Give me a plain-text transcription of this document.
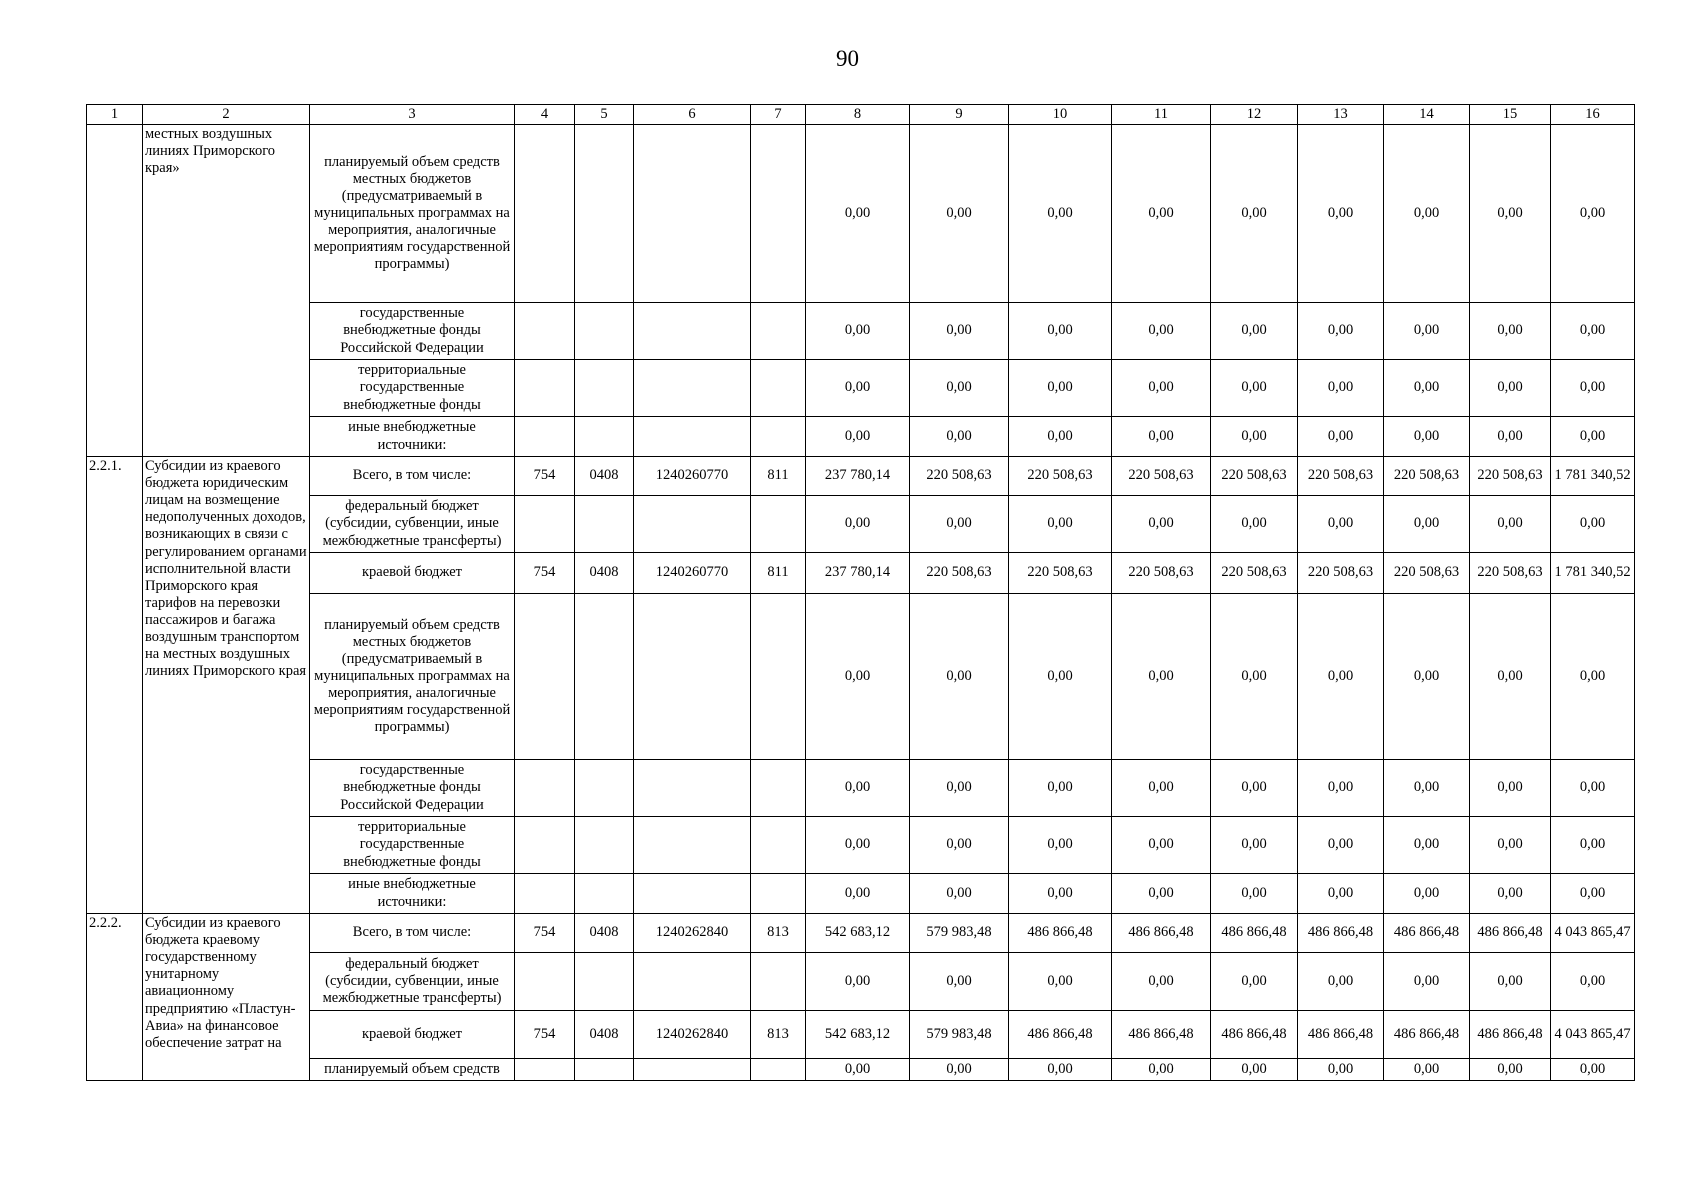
90
1	2	3	4	5	6	7	8	9	10	11	12	13	14	15	16
	местных воздушных линиях Приморского края»	планируемый объем средств местных бюджетов (предусматриваемый в муниципальных программах на мероприятия, аналогичные мероприятиям государственной программы)					0,00	0,00	0,00	0,00	0,00	0,00	0,00	0,00	0,00
		государственные внебюджетные фонды Российской Федерации					0,00	0,00	0,00	0,00	0,00	0,00	0,00	0,00	0,00
		территориальные государственные внебюджетные фонды					0,00	0,00	0,00	0,00	0,00	0,00	0,00	0,00	0,00
		иные внебюджетные источники:					0,00	0,00	0,00	0,00	0,00	0,00	0,00	0,00	0,00
2.2.1.	Субсидии из краевого бюджета юридическим лицам на возмещение недополученных доходов, возникающих в связи с регулированием органами исполнительной власти Приморского края тарифов на перевозки пассажиров и багажа воздушным транспортом на местных воздушных линиях Приморского края	Всего, в том числе:	754	0408	1240260770	811	237 780,14	220 508,63	220 508,63	220 508,63	220 508,63	220 508,63	220 508,63	220 508,63	1 781 340,52
		федеральный бюджет (субсидии, субвенции, иные межбюджетные трансферты)					0,00	0,00	0,00	0,00	0,00	0,00	0,00	0,00	0,00
		краевой бюджет	754	0408	1240260770	811	237 780,14	220 508,63	220 508,63	220 508,63	220 508,63	220 508,63	220 508,63	220 508,63	1 781 340,52
		планируемый объем средств местных бюджетов (предусматриваемый в муниципальных программах на мероприятия, аналогичные мероприятиям государственной программы)					0,00	0,00	0,00	0,00	0,00	0,00	0,00	0,00	0,00
		государственные внебюджетные фонды Российской Федерации					0,00	0,00	0,00	0,00	0,00	0,00	0,00	0,00	0,00
		территориальные государственные внебюджетные фонды					0,00	0,00	0,00	0,00	0,00	0,00	0,00	0,00	0,00
		иные внебюджетные источники:					0,00	0,00	0,00	0,00	0,00	0,00	0,00	0,00	0,00
2.2.2.	Субсидии из краевого бюджета краевому государственному унитарному авиационному предприятию «Пластун-Авиа» на финансовое обеспечение затрат на	Всего, в том числе:	754	0408	1240262840	813	542 683,12	579 983,48	486 866,48	486 866,48	486 866,48	486 866,48	486 866,48	486 866,48	4 043 865,47
		федеральный бюджет (субсидии, субвенции, иные межбюджетные трансферты)					0,00	0,00	0,00	0,00	0,00	0,00	0,00	0,00	0,00
		краевой бюджет	754	0408	1240262840	813	542 683,12	579 983,48	486 866,48	486 866,48	486 866,48	486 866,48	486 866,48	486 866,48	4 043 865,47
		планируемый объем средств					0,00	0,00	0,00	0,00	0,00	0,00	0,00	0,00	0,00
